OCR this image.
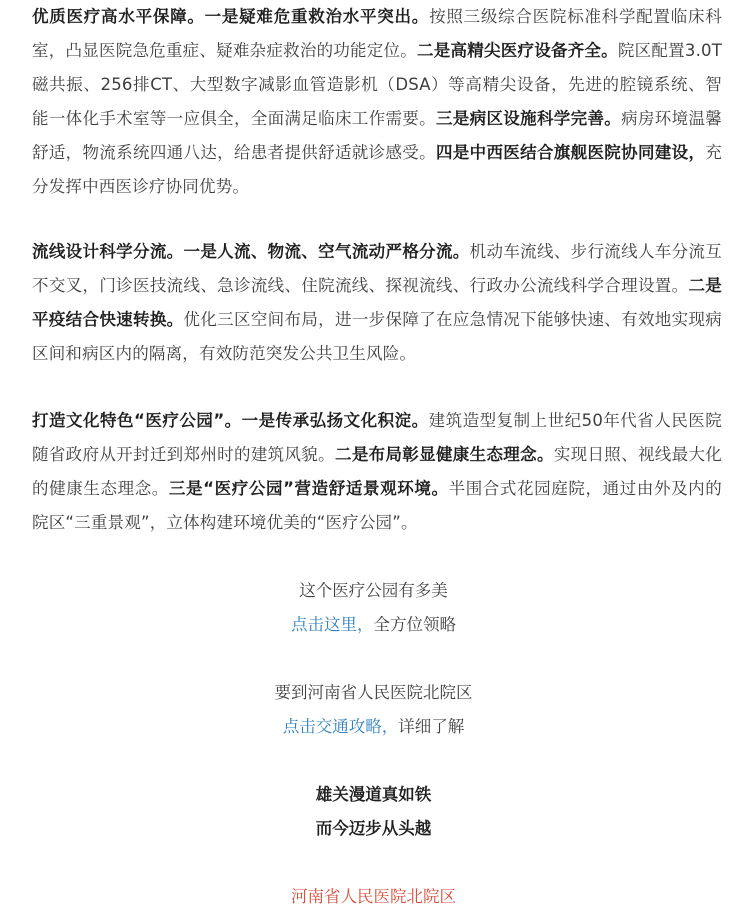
优质医疗高水平保障。一是疑难危重救治水平突出。按照三级综合医院标准科学配置临床科室，凸显医院急危重症、疑难杂症救治的功能定位。二是高精尖医疗设备齐全。院区配置3.0T磁共振、256排CT、大型数字减影血管造影机（DSA）等高精尖设备，先进的腔镜系统、智能一体化手术室等一应俱全，全面满足临床工作需要。三是病区设施科学完善。病房环境温馨舒适，物流系统四通八达，给患者提供舒适就诊感受。四是中西医结合旗舰医院协同建设，充分发挥中西医诊疗协同优势。

流线设计科学分流。一是人流、物流、空气流动严格分流。机动车流线、步行流线人车分流互不交叉，门诊医技流线、急诊流线、住院流线、探视流线、行政办公流线科学合理设置。二是平疫结合快速转换。优化三区空间布局，进一步保障了在应急情况下能够快速、有效地实现病区间和病区内的隔离，有效防范突发公共卫生风险。

打造文化特色“医疗公园”。一是传承弘扬文化积淀。建筑造型复制上世纪50年代省人民医院随省政府从开封迁到郑州时的建筑风貌。二是布局彰显健康生态理念。实现日照、视线最大化的健康生态理念。三是“医疗公园”营造舒适景观环境。半围合式花园庭院，通过由外及内的院区“三重景观”，立体构建环境优美的“医疗公园”。

这个医疗公园有多美
点击这里，全方位领略
要到河南省人民医院北院区
点击交通攻略，详细了解
雄关漫道真如铁
而今迈步从头越
河南省人民医院北院区
